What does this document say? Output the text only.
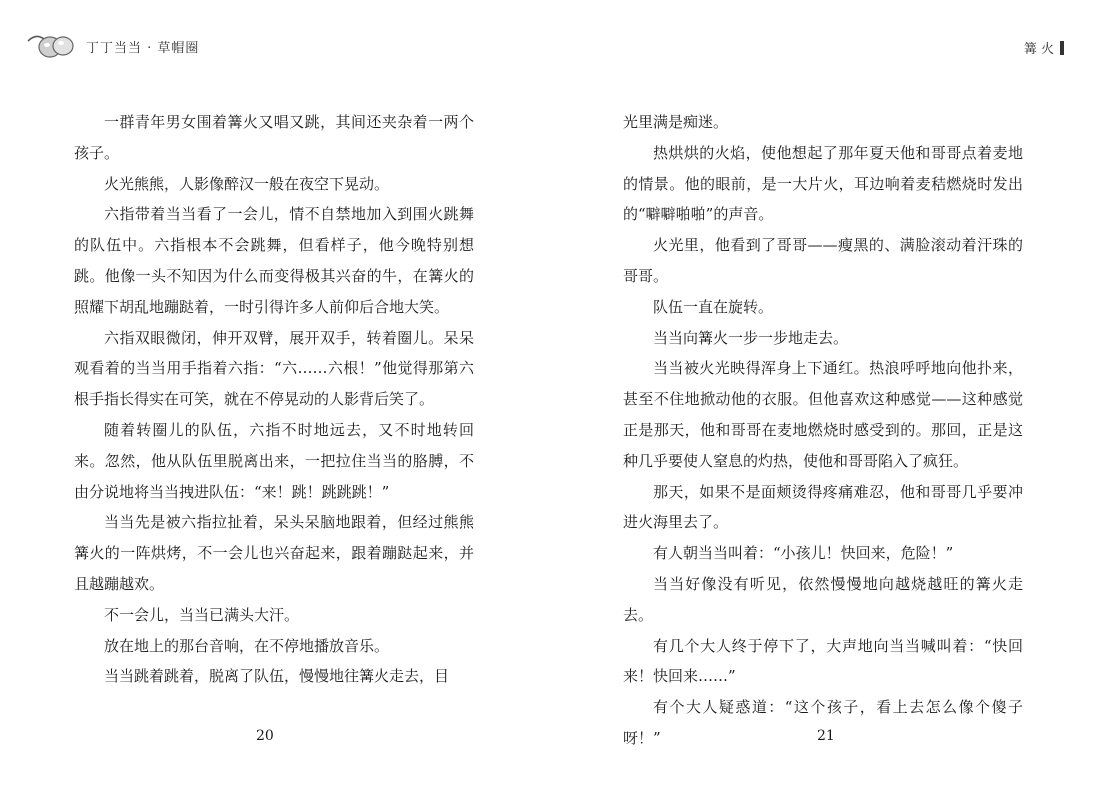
丁丁当当 · 草帽圈	篝 火

一群青年男女围着篝火又唱又跳，其间还夹杂着一两个孩子。

火光熊熊，人影像醉汉一般在夜空下晃动。

六指带着当当看了一会儿，情不自禁地加入到围火跳舞的队伍中。六指根本不会跳舞，但看样子，他今晚特别想跳。他像一头不知因为什么而变得极其兴奋的牛，在篝火的照耀下胡乱地蹦跶着，一时引得许多人前仰后合地大笑。

六指双眼微闭，伸开双臂，展开双手，转着圈儿。呆呆观看着的当当用手指着六指：“六……六根！”他觉得那第六根手指长得实在可笑，就在不停晃动的人影背后笑了。

随着转圈儿的队伍，六指不时地远去，又不时地转回来。忽然，他从队伍里脱离出来，一把拉住当当的胳膊，不由分说地将当当拽进队伍：“来！跳！跳跳跳！”

当当先是被六指拉扯着，呆头呆脑地跟着，但经过熊熊篝火的一阵烘烤，不一会儿也兴奋起来，跟着蹦跶起来，并且越蹦越欢。

不一会儿，当当已满头大汗。

放在地上的那台音响，在不停地播放音乐。

当当跳着跳着，脱离了队伍，慢慢地往篝火走去，目

光里满是痴迷。

热烘烘的火焰，使他想起了那年夏天他和哥哥点着麦地的情景。他的眼前，是一大片火，耳边响着麦秸燃烧时发出的“噼噼啪啪”的声音。

火光里，他看到了哥哥——瘦黑的、满脸滚动着汗珠的哥哥。

队伍一直在旋转。

当当向篝火一步一步地走去。

当当被火光映得浑身上下通红。热浪呼呼地向他扑来，甚至不住地掀动他的衣服。但他喜欢这种感觉——这种感觉正是那天，他和哥哥在麦地燃烧时感受到的。那回，正是这种几乎要使人窒息的灼热，使他和哥哥陷入了疯狂。

那天，如果不是面颊烫得疼痛难忍，他和哥哥几乎要冲进火海里去了。

有人朝当当叫着：“小孩儿！快回来，危险！”

当当好像没有听见，依然慢慢地向越烧越旺的篝火走去。

有几个大人终于停下了，大声地向当当喊叫着：“快回来！快回来……”

有个大人疑惑道：“这个孩子，看上去怎么像个傻子呀！”

20	21
